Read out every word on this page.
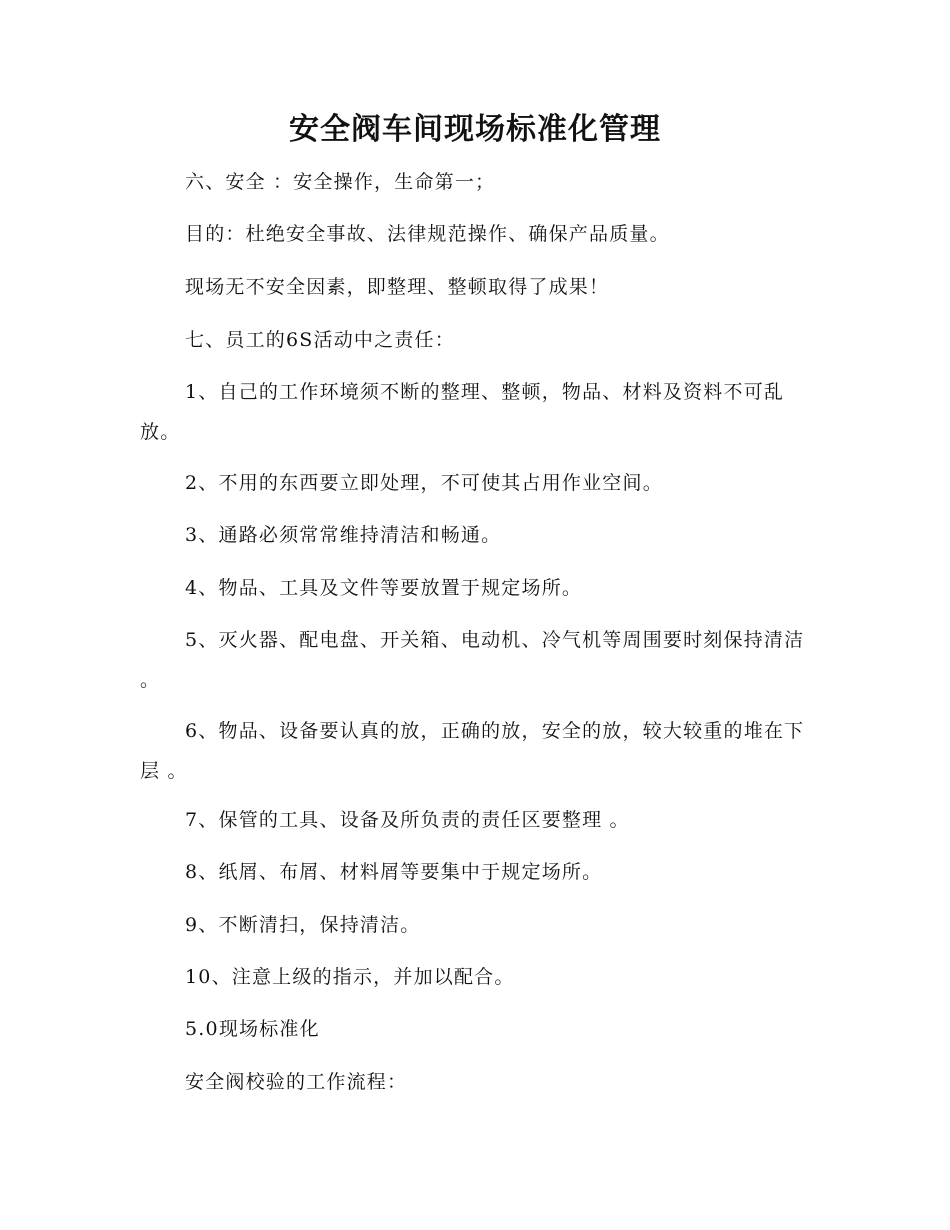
安全阀车间现场标准化管理

六、安全 ：安全操作，生命第一；

目的：杜绝安全事故、法律规范操作、确保产品质量。

现场无不安全因素，即整理、整顿取得了成果！

七、员工的6S活动中之责任：

1、自己的工作环境须不断的整理、整顿，物品、材料及资料不可乱放。

2、不用的东西要立即处理，不可使其占用作业空间。

3、通路必须常常维持清洁和畅通。

4、物品、工具及文件等要放置于规定场所。

5、灭火器、配电盘、开关箱、电动机、冷气机等周围要时刻保持清洁 。

6、物品、设备要认真的放，正确的放，安全的放，较大较重的堆在下层 。

7、保管的工具、设备及所负责的责任区要整理 。

8、纸屑、布屑、材料屑等要集中于规定场所。

9、不断清扫，保持清洁。

10、注意上级的指示，并加以配合。

5.0现场标准化

安全阀校验的工作流程：
